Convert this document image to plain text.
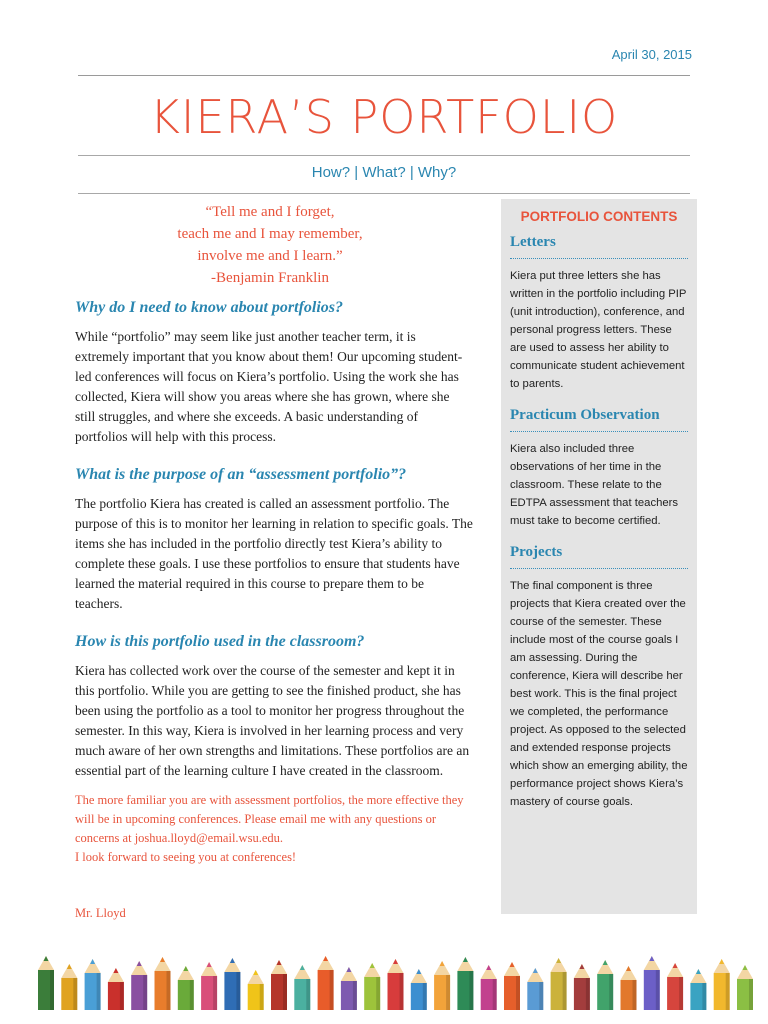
April 30, 2015
KIERA’S PORTFOLIO
How? | What? | Why?
“Tell me and I forget,
teach me and I may remember,
involve me and I learn.”
-Benjamin Franklin
Why do I need to know about portfolios?

While “portfolio” may seem like just another teacher term, it is extremely important that you know about them! Our upcoming student-led conferences will focus on Kiera’s portfolio. Using the work she has collected, Kiera will show you areas where she has grown, where she still struggles, and where she exceeds. A basic understanding of portfolios will help with this process.

What is the purpose of an “assessment portfolio”?

The portfolio Kiera has created is called an assessment portfolio. The purpose of this is to monitor her learning in relation to specific goals. The items she has included in the portfolio directly test Kiera’s ability to complete these goals. I use these portfolios to ensure that students have learned the material required in this course to prepare them to be teachers.

How is this portfolio used in the classroom?

Kiera has collected work over the course of the semester and kept it in this portfolio. While you are getting to see the finished product, she has been using the portfolio as a tool to monitor her progress throughout the semester. In this way, Kiera is involved in her learning process and very much aware of her own strengths and limitations. These portfolios are an essential part of the learning culture I have created in the classroom.

The more familiar you are with assessment portfolios, the more effective they will be in upcoming conferences. Please email me with any questions or concerns at joshua.lloyd@email.wsu.edu.
I look forward to seeing you at conferences!

Mr. Lloyd
PORTFOLIO CONTENTS
Letters

Kiera put three letters she has written in the portfolio including PIP (unit introduction), conference, and personal progress letters. These are used to assess her ability to communicate student achievement to parents.

Practicum Observation

Kiera also included three observations of her time in the classroom. These relate to the EDTPA assessment that teachers must take to become certified.

Projects

The final component is three projects that Kiera created over the course of the semester. These include most of the course goals I am assessing. During the conference, Kiera will describe her best work. This is the final project we completed, the performance project. As opposed to the selected and extended response projects which show an emerging ability, the performance project shows Kiera’s mastery of course goals.
